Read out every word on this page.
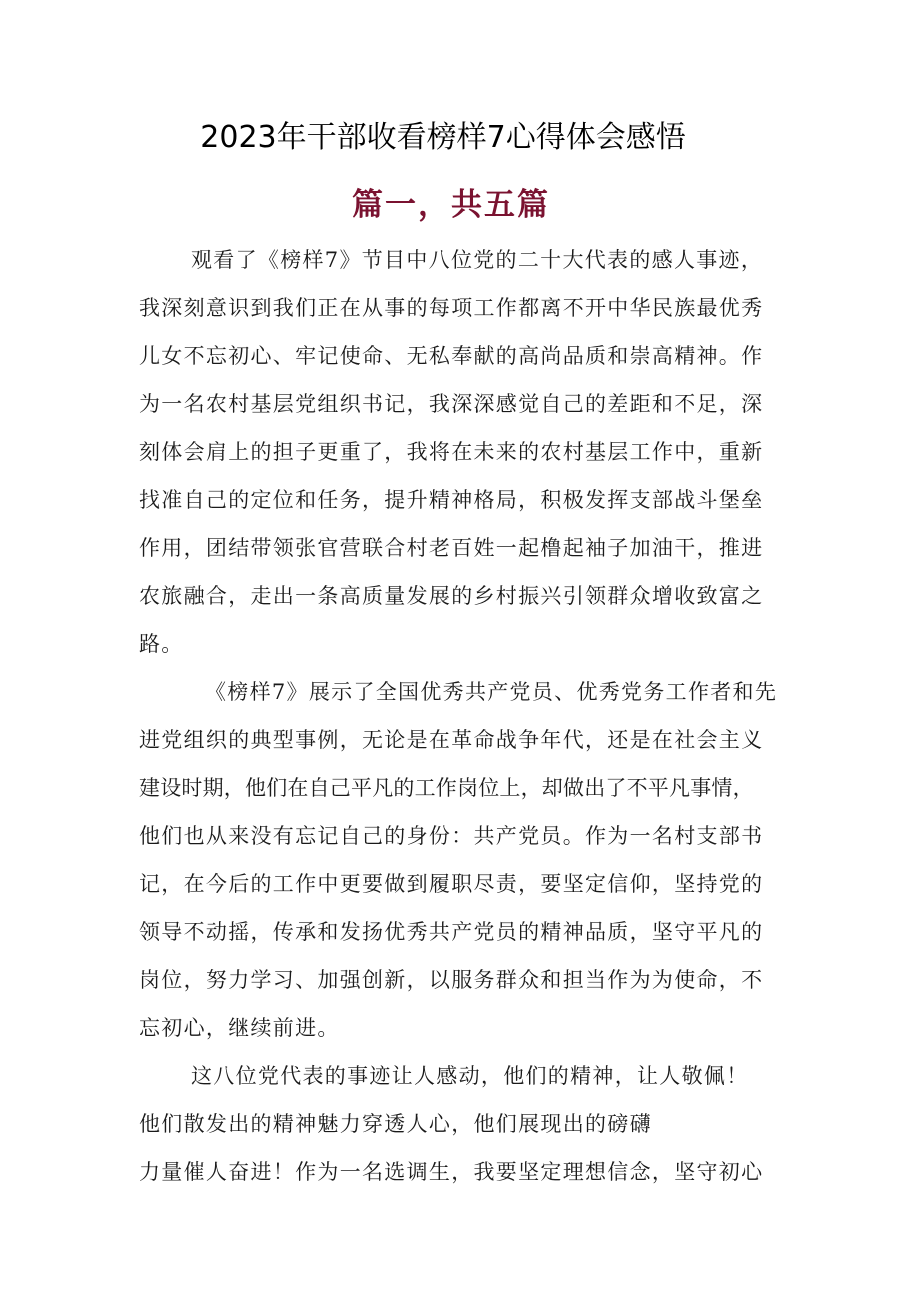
2023年干部收看榜样7心得体会感悟
篇一，共五篇
观看了《榜样7》节目中八位党的二十大代表的感人事迹，
我深刻意识到我们正在从事的每项工作都离不开中华民族最优秀
儿女不忘初心、牢记使命、无私奉献的高尚品质和崇高精神。作
为一名农村基层党组织书记，我深深感觉自己的差距和不足，深
刻体会肩上的担子更重了，我将在未来的农村基层工作中，重新
找准自己的定位和任务，提升精神格局，积极发挥支部战斗堡垒
作用，团结带领张官营联合村老百姓一起橹起袖子加油干，推进
农旅融合，走出一条高质量发展的乡村振兴引领群众增收致富之
路。
《榜样7》展示了全国优秀共产党员、优秀党务工作者和先
进党组织的典型事例，无论是在革命战争年代，还是在社会主义
建设时期，他们在自己平凡的工作岗位上，却做出了不平凡事情，
他们也从来没有忘记自己的身份：共产党员。作为一名村支部书
记，在今后的工作中更要做到履职尽责，要坚定信仰，坚持党的
领导不动摇，传承和发扬优秀共产党员的精神品质，坚守平凡的
岗位，努力学习、加强创新，以服务群众和担当作为为使命，不
忘初心，继续前进。
这八位党代表的事迹让人感动，他们的精神，让人敬佩！
他们散发出的精神魅力穿透人心，他们展现出的磅礴
力量催人奋进！作为一名选调生，我要坚定理想信念，坚守初心
